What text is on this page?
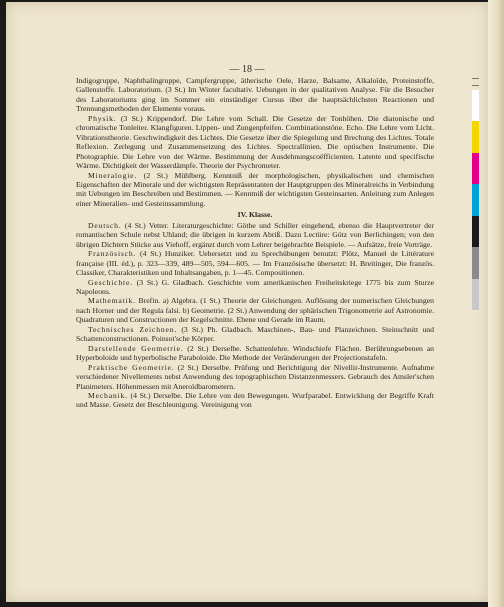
— 18 —

Indigogruppe, Naphthalingruppe, Campfergruppe, ätherische Oele, Harze, Balsame, Alkaloïde, Proteinstoffe, Gallenstoffe. Laboratorium. (3 St.) Im Winter facultativ. Uebungen in der qualitativen Analyse. Für die Besucher des Laboratoriums ging im Sommer ein einständiger Cursus über die hauptsächlichsten Reactionen und Trennungsmethoden der Elemente voraus.

Physik. (3 St.) Krippendorf. Die Lehre vom Schall. Die Gesetze der Tonhöhen. Die diatonische und chromatische Tonleiter. Klangfiguren. Lippen- und Zungenpfeifen. Combinationstöne. Echo. Die Lehre vom Licht. Vibrationstheorie. Geschwindigkeit des Lichtes. Die Gesetze über die Spiegelung und Brechung des Lichtes. Totale Reflexion. Zerlegung und Zusammensetzung des Lichtes. Spectrallinien. Die optischen Instrumente. Die Photographie. Die Lehre von der Wärme. Bestimmung der Ausdehnungscoëfficienten. Latente und specifische Wärme. Dichtigkeit der Wasserdämpfe. Theorie der Psychrometer.

Mineralogie. (2 St.) Mühlberg. Kenntniß der morphologischen, physikalischen und chemischen Eigenschaften der Minerale und der wichtigsten Repräsentanten der Hauptgruppen des Mineralreichs in Verbindung mit Uebungen im Beschreiben und Bestimmen. — Kenntniß der wichtigsten Gesteinsarten. Anleitung zum Anlegen einer Mineralien- und Gesteinssammlung.

IV. Klasse.

Deutsch. (4 St.) Vetter. Literaturgeschichte: Göthe und Schiller eingehend, ebenso die Hauptvertreter der romantischen Schule nebst Uhland; die übrigen in kurzem Abriß. Dazu Lectüre: Götz von Berlichingen; von den übrigen Dichtern Stücke aus Viehoff, ergänzt durch vom Lehrer beigebrachte Beispiele. — Aufsätze, freie Vorträge.

Französisch. (4 St.) Hunziker. Uebersetzt und zu Sprechübungen benutzt: Plötz, Manuel de Littérature française (III. éd.), p. 323—339, 489—505, 594—605. — Im Französische übersetzt: H. Breitinger, Die französ. Classiker, Charakteristiken und Inhaltsangaben, p. 1—45. Compositionen.

Geschichte. (3 St.) G. Gladbach. Geschichte vom amerikanischen Freiheitskriege 1775 bis zum Sturze Napoleons.

Mathematik. Brefin. a) Algebra. (1 St.) Theorie der Gleichungen. Auflösung der numerischen Gleichungen nach Horner und der Regula falsi. b) Geometrie. (2 St.) Anwendung der sphärischen Trigonometrie auf Astronomie. Quadraturen und Constructionen der Kegelschnitte. Ebene und Gerade im Raum.

Technisches Zeichnen. (3 St.) Ph. Gladbach. Maschinen-, Bau- und Planzeichnen. Steinschnitt und Schattenconstructionen. Poinsot'sche Körper.

Darstellende Geometrie. (2 St.) Derselbe. Schattenlehre. Windschiefe Flächen. Berührungsebenen an Hyperboloide und hyperbolische Paraboloide. Die Methode der Veränderungen der Projectionstafeln.

Praktische Geometrie. (2 St.) Derselbe. Prüfung und Berichtigung der Nivellir-Instrumente. Aufnahme verschiedener Nivellements nebst Anwendung des topographischen Distanzenmessers. Gebrauch des Amsler'schen Planimeters. Höhenmessen mit Aneroïdbarometern.

Mechanik. (4 St.) Derselbe. Die Lehre von den Bewegungen. Wurfparabel. Entwicklung der Begriffe Kraft und Masse. Gesetz der Beschleunigung. Vereinigung von
